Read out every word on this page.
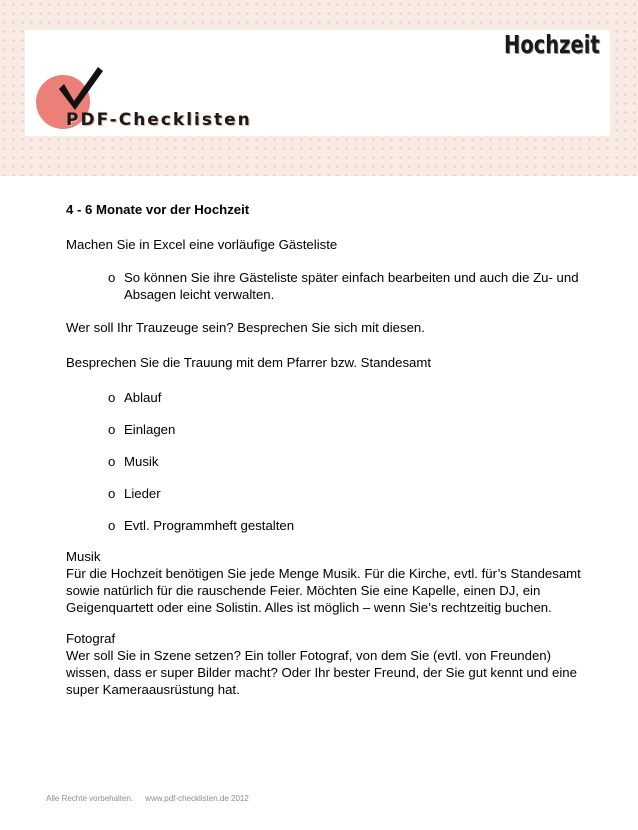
PDF-Checklisten
Hochzeit

4 - 6 Monate vor der Hochzeit

Machen Sie in Excel eine vorläufige Gästeliste

o So können Sie ihre Gästeliste später einfach bearbeiten und auch die Zu- und Absagen leicht verwalten.

Wer soll Ihr Trauzeuge sein? Besprechen Sie sich mit diesen.

Besprechen Sie die Trauung mit dem Pfarrer bzw. Standesamt

o Ablauf
o Einlagen
o Musik
o Lieder
o Evtl. Programmheft gestalten

Musik

Für die Hochzeit benötigen Sie jede Menge Musik. Für die Kirche, evtl. für’s Standesamt sowie natürlich für die rauschende Feier. Möchten Sie eine Kapelle, einen DJ, ein Geigenquartett oder eine Solistin. Alles ist möglich – wenn Sie’s rechtzeitig buchen.

Fotograf

Wer soll Sie in Szene setzen? Ein toller Fotograf, von dem Sie (evtl. von Freunden) wissen, dass er super Bilder macht? Oder Ihr bester Freund, der Sie gut kennt und eine super Kameraausrüstung hat.

Alle Rechte vorbehalten. www.pdf-checklisten.de 2012
